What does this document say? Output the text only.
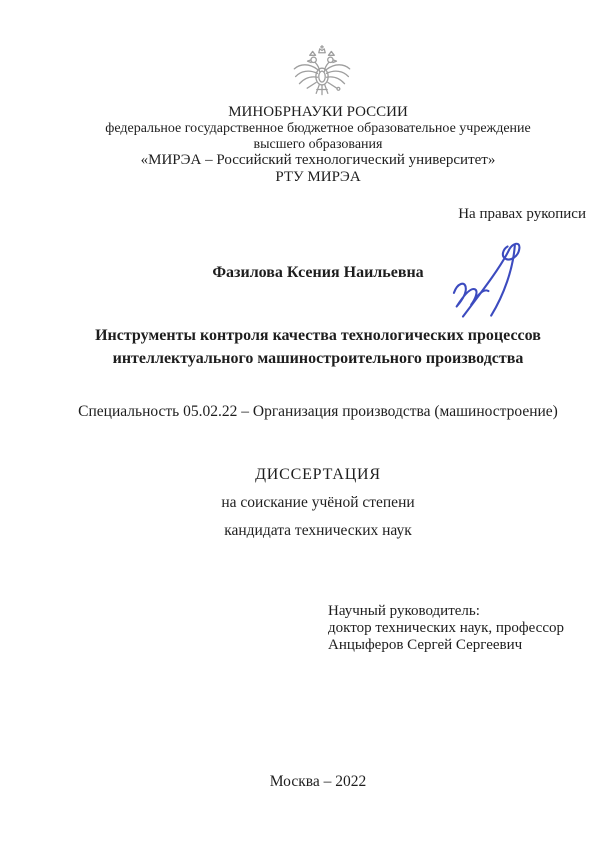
МИНОБРНАУКИ РОССИИ
федеральное государственное бюджетное образовательное учреждение
высшего образования
«МИРЭА – Российский технологический университет»
РТУ МИРЭА
На правах рукописи
Фазилова Ксения Наильевна
Инструменты контроля качества технологических процессов
интеллектуального машиностроительного производства
Специальность 05.02.22 – Организация производства (машиностроение)
ДИССЕРТАЦИЯ
на соискание учёной степени
кандидата технических наук
Научный руководитель:
доктор технических наук, профессор
Анцыферов Сергей Сергеевич
Москва – 2022
